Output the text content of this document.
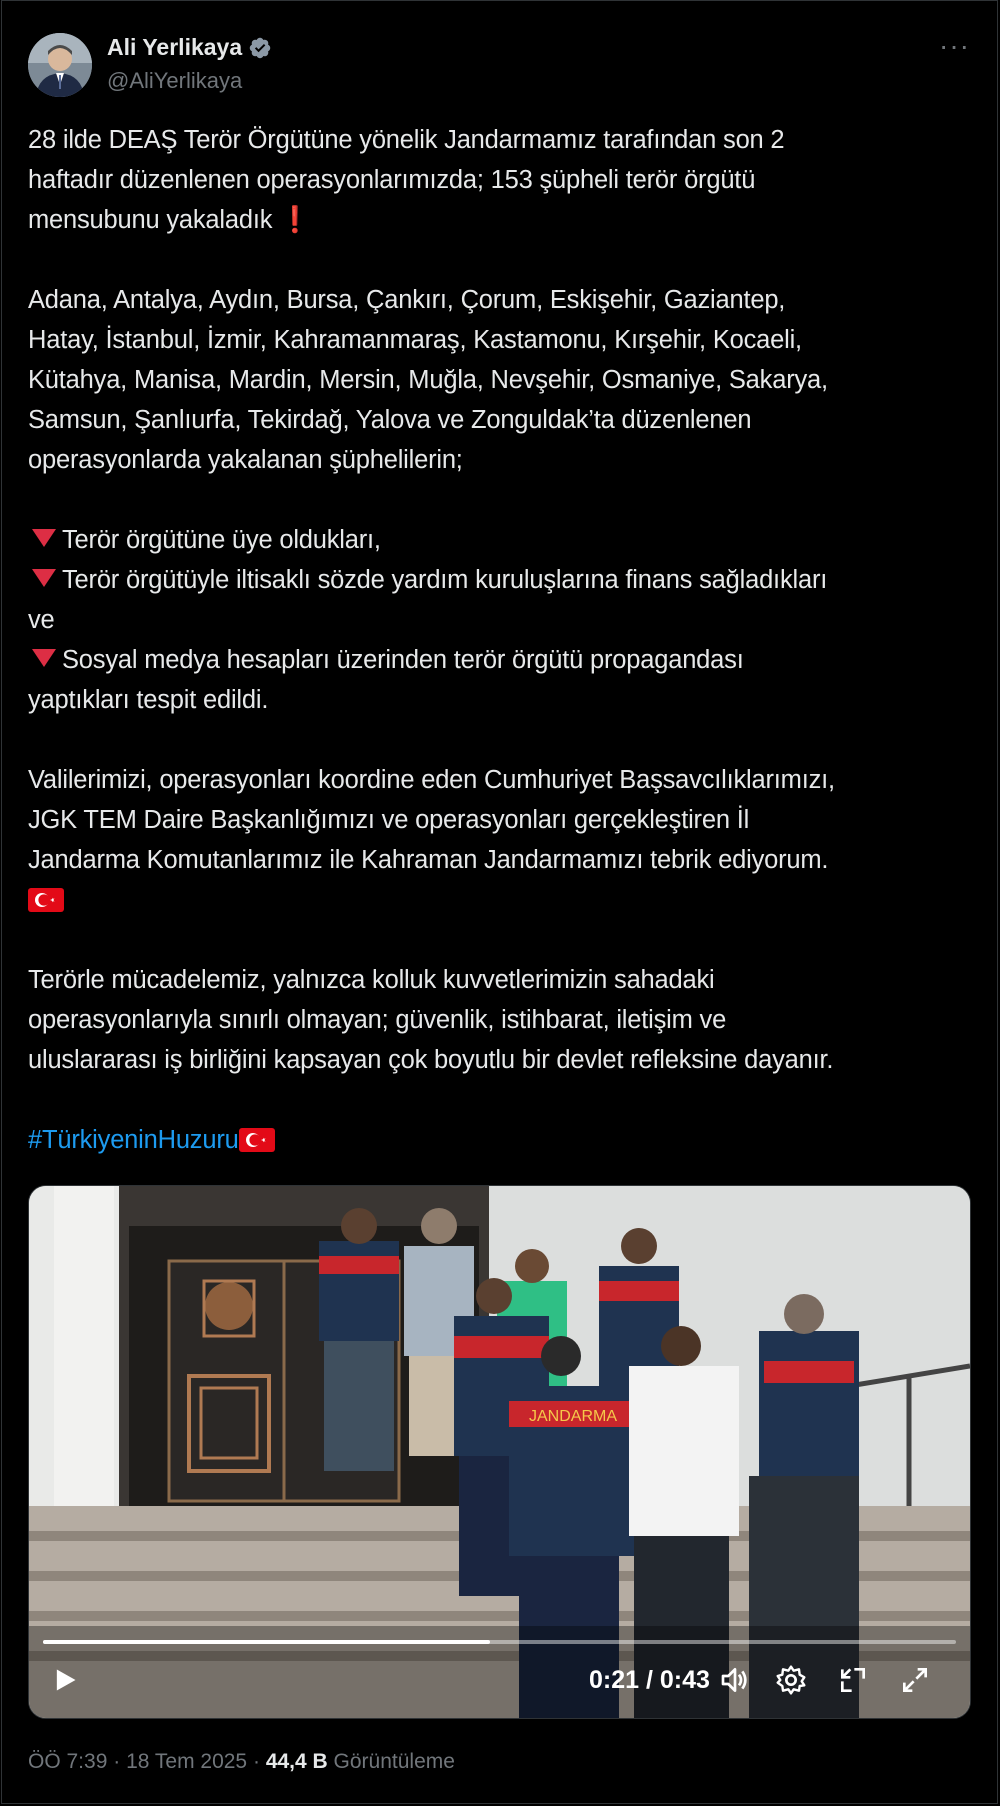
Ali Yerlikaya
@AliYerlikaya
···

28 ilde DEAŞ Terör Örgütüne yönelik Jandarmamız tarafından son 2
haftadır düzenlenen operasyonlarımızda; 153 şüpheli terör örgütü
mensubunu yakaladık ❗

Adana, Antalya, Aydın, Bursa, Çankırı, Çorum, Eskişehir, Gaziantep,
Hatay, İstanbul, İzmir, Kahramanmaraş, Kastamonu, Kırşehir, Kocaeli,
Kütahya, Manisa, Mardin, Mersin, Muğla, Nevşehir, Osmaniye, Sakarya,
Samsun, Şanlıurfa, Tekirdağ, Yalova ve Zonguldak’ta düzenlenen
operasyonlarda yakalanan şüphelilerin;

Terör örgütüne üye oldukları,
Terör örgütüyle iltisaklı sözde yardım kuruluşlarına finans sağladıkları
ve
Sosyal medya hesapları üzerinden terör örgütü propagandası
yaptıkları tespit edildi.

Valilerimizi, operasyonları koordine eden Cumhuriyet Başsavcılıklarımızı,
JGK TEM Daire Başkanlığımızı ve operasyonları gerçekleştiren İl
Jandarma Komutanlarımız ile Kahraman Jandarmamızı tebrik ediyorum.

Terörle mücadelemiz, yalnızca kolluk kuvvetlerimizin sahadaki
operasyonlarıyla sınırlı olmayan; güvenlik, istihbarat, iletişim ve
uluslararası iş birliğini kapsayan çok boyutlu bir devlet refleksine dayanır.

#TürkiyeninHuzuru

JANDARMA
0:21 / 0:43
ÖÖ 7:39 · 18 Tem 2025 · 44,4 B Görüntüleme
